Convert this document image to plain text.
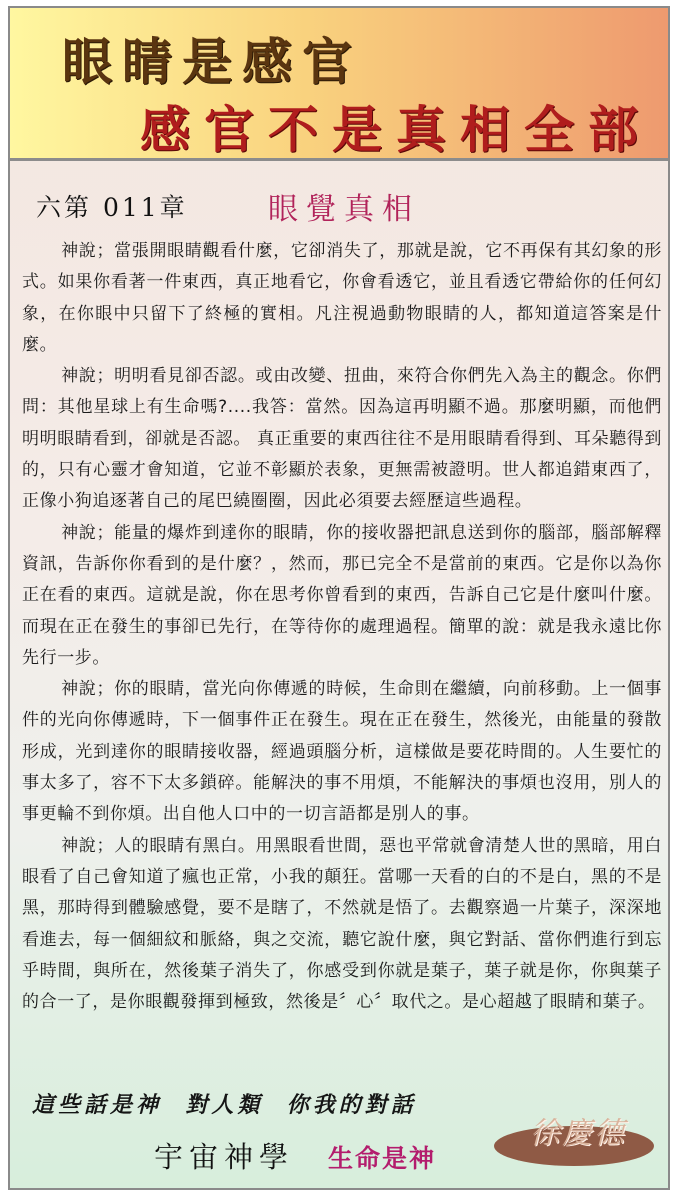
眼睛是感官
感官不是真相全部
六第 011章	眼覺真相

神說；當張開眼睛觀看什麼，它卻消失了，那就是說，它不再保有其幻象的形式。如果你看著一件東西，真正地看它，你會看透它，並且看透它帶給你的任何幻象，在你眼中只留下了終極的實相。凡注視過動物眼睛的人，都知道這答案是什麼。

神說；明明看見卻否認。或由改變、扭曲，來符合你們先入為主的觀念。你們問：其他星球上有生命嗎?....我答：當然。因為這再明顯不過。那麼明顯，而他們明明眼睛看到，卻就是否認。 真正重要的東西往往不是用眼睛看得到、耳朵聽得到的，只有心靈才會知道，它並不彰顯於表象，更無需被證明。世人都追錯東西了，正像小狗追逐著自己的尾巴繞圈圈，因此必須要去經歷這些過程。

神說；能量的爆炸到達你的眼睛，你的接收器把訊息送到你的腦部，腦部解釋資訊，告訴你你看到的是什麼？，然而，那已完全不是當前的東西。它是你以為你正在看的東西。這就是說，你在思考你曾看到的東西，告訴自己它是什麼叫什麼。而現在正在發生的事卻已先行，在等待你的處理過程。簡單的說：就是我永遠比你先行一步。

神說；你的眼睛，當光向你傳遞的時候，生命則在繼續，向前移動。上一個事件的光向你傳遞時，下一個事件正在發生。現在正在發生，然後光，由能量的發散形成，光到達你的眼睛接收器，經過頭腦分析，這樣做是要花時間的。人生要忙的事太多了，容不下太多鎖碎。能解決的事不用煩，不能解決的事煩也沒用，別人的事更輪不到你煩。出自他人口中的一切言語都是別人的事。

神說；人的眼睛有黑白。用黑眼看世間，惡也平常就會清楚人世的黑暗，用白眼看了自己會知道了瘋也正常，小我的顛狂。當哪一天看的白的不是白，黑的不是黑，那時得到體驗感覺，要不是瞎了，不然就是悟了。去觀察過一片葉子，深深地看進去，每一個細紋和脈絡，與之交流，聽它說什麼，與它對話、當你們進行到忘乎時間，與所在，然後葉子消失了，你感受到你就是葉子，葉子就是你，你與葉子的合一了，是你眼觀發揮到極致，然後是〞心〞取代之。是心超越了眼睛和葉子。

這些話是神  對人類  你我的對話
宇宙神學 生命是神
徐慶德
